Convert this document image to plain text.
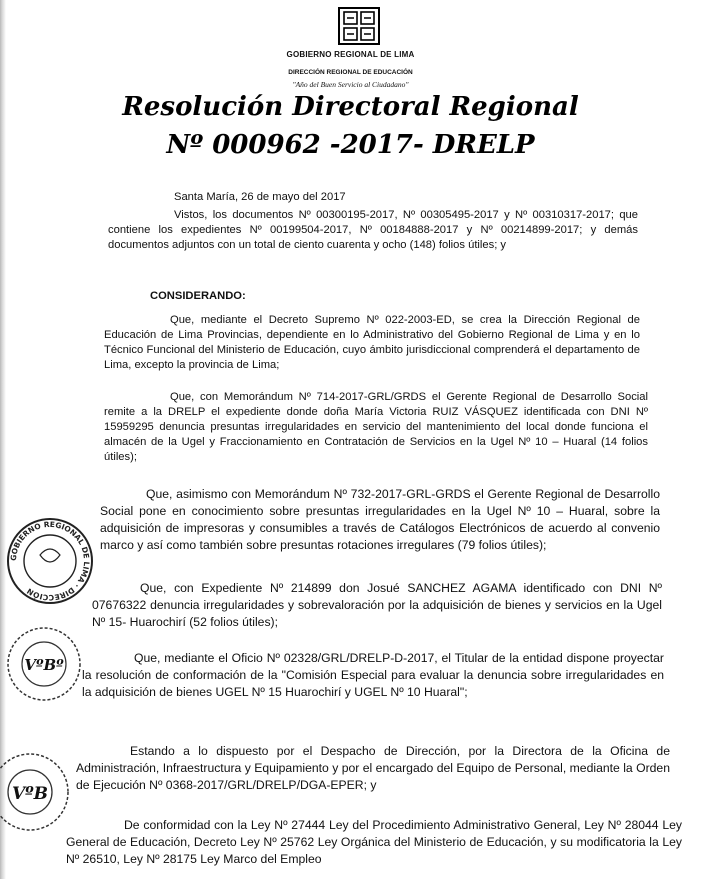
GOBIERNO REGIONAL DE LIMA
DIRECCIÓN REGIONAL DE EDUCACIÓN
"Año del Buen Servicio al Ciudadano"
Resolución Directoral Regional
Nº 000962 -2017- DRELP
Santa María, 26 de mayo del 2017
Vistos, los documentos Nº 00300195-2017, Nº 00305495-2017 y Nº 00310317-2017; que contiene los expedientes Nº 00199504-2017, Nº 00184888-2017 y Nº 00214899-2017; y demás documentos adjuntos con un total de ciento cuarenta y ocho (148) folios útiles; y
CONSIDERANDO:
Que, mediante el Decreto Supremo Nº 022-2003-ED, se crea la Dirección Regional de Educación de Lima Provincias, dependiente en lo Administrativo del Gobierno Regional de Lima y en lo Técnico Funcional del Ministerio de Educación, cuyo ámbito jurisdiccional comprenderá el departamento de Lima, excepto la provincia de Lima;
Que, con Memorándum Nº 714-2017-GRL/GRDS el Gerente Regional de Desarrollo Social remite a la DRELP el expediente donde doña María Victoria RUIZ VÁSQUEZ identificada con DNI Nº 15959295 denuncia presuntas irregularidades en servicio del mantenimiento del local donde funciona el almacén de la Ugel y Fraccionamiento en Contratación de Servicios en la Ugel Nº 10 – Huaral (14 folios útiles);
Que, asimismo con Memorándum Nº 732-2017-GRL-GRDS el Gerente Regional de Desarrollo Social pone en conocimiento sobre presuntas irregularidades en la Ugel Nº 10 – Huaral, sobre la adquisición de impresoras y consumibles a través de Catálogos Electrónicos de acuerdo al convenio marco y así como también sobre presuntas rotaciones irregulares (79 folios útiles);
Que, con Expediente Nº 214899 don Josué SANCHEZ AGAMA identificado con DNI Nº 07676322 denuncia irregularidades y sobrevaloración por la adquisición de bienes y servicios en la Ugel Nº 15- Huarochirí (52 folios útiles);
Que, mediante el Oficio Nº 02328/GRL/DRELP-D-2017, el Titular de la entidad dispone proyectar la resolución de conformación de la "Comisión Especial para evaluar la denuncia sobre irregularidades en la adquisición de bienes UGEL Nº 15 Huarochirí y UGEL Nº 10 Huaral";
Estando a lo dispuesto por el Despacho de Dirección, por la Directora de la Oficina de Administración, Infraestructura y Equipamiento y por el encargado del Equipo de Personal, mediante la Orden de Ejecución Nº 0368-2017/GRL/DRELP/DGA-EPER; y
De conformidad con la Ley Nº 27444 Ley del Procedimiento Administrativo General, Ley Nº 28044 Ley General de Educación, Decreto Ley Nº 25762 Ley Orgánica del Ministerio de Educación, y su modificatoria la Ley Nº 26510, Ley Nº 28175 Ley Marco del Empleo
GOBIERNO REGIONAL DE LIMA · DIRECCIÓN
VºBº
VºB
